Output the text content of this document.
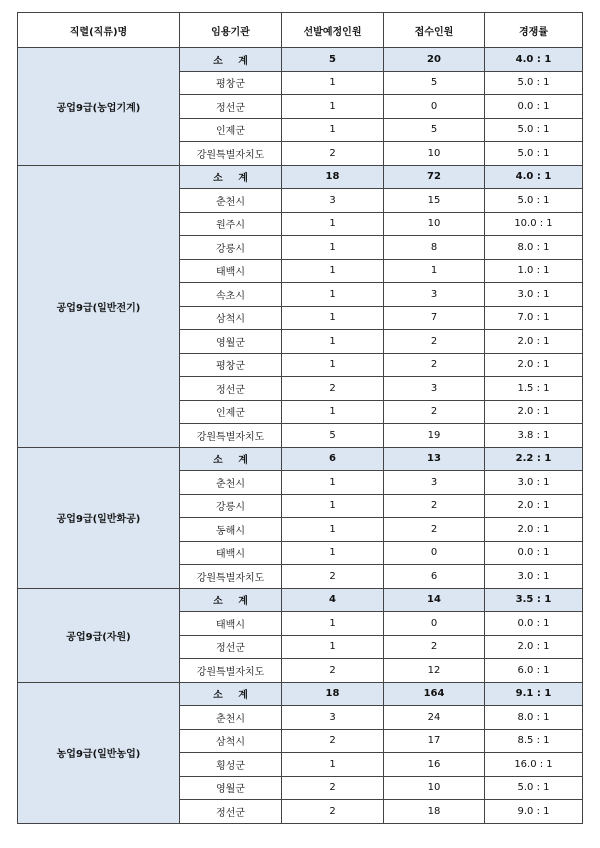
직렬(직류)명	임용기관	선발예정인원	접수인원	경쟁률
공업9급(농업기계)	소 계	5	20	4.0 : 1
	평창군	1	5	5.0 : 1
	정선군	1	0	0.0 : 1
	인제군	1	5	5.0 : 1
	강원특별자치도	2	10	5.0 : 1
공업9급(일반전기)	소 계	18	72	4.0 : 1
	춘천시	3	15	5.0 : 1
	원주시	1	10	10.0 : 1
	강릉시	1	8	8.0 : 1
	태백시	1	1	1.0 : 1
	속초시	1	3	3.0 : 1
	삼척시	1	7	7.0 : 1
	영월군	1	2	2.0 : 1
	평창군	1	2	2.0 : 1
	정선군	2	3	1.5 : 1
	인제군	1	2	2.0 : 1
	강원특별자치도	5	19	3.8 : 1
공업9급(일반화공)	소 계	6	13	2.2 : 1
	춘천시	1	3	3.0 : 1
	강릉시	1	2	2.0 : 1
	동해시	1	2	2.0 : 1
	태백시	1	0	0.0 : 1
	강원특별자치도	2	6	3.0 : 1
공업9급(자원)	소 계	4	14	3.5 : 1
	태백시	1	0	0.0 : 1
	정선군	1	2	2.0 : 1
	강원특별자치도	2	12	6.0 : 1
농업9급(일반농업)	소 계	18	164	9.1 : 1
	춘천시	3	24	8.0 : 1
	삼척시	2	17	8.5 : 1
	횡성군	1	16	16.0 : 1
	영월군	2	10	5.0 : 1
	정선군	2	18	9.0 : 1
